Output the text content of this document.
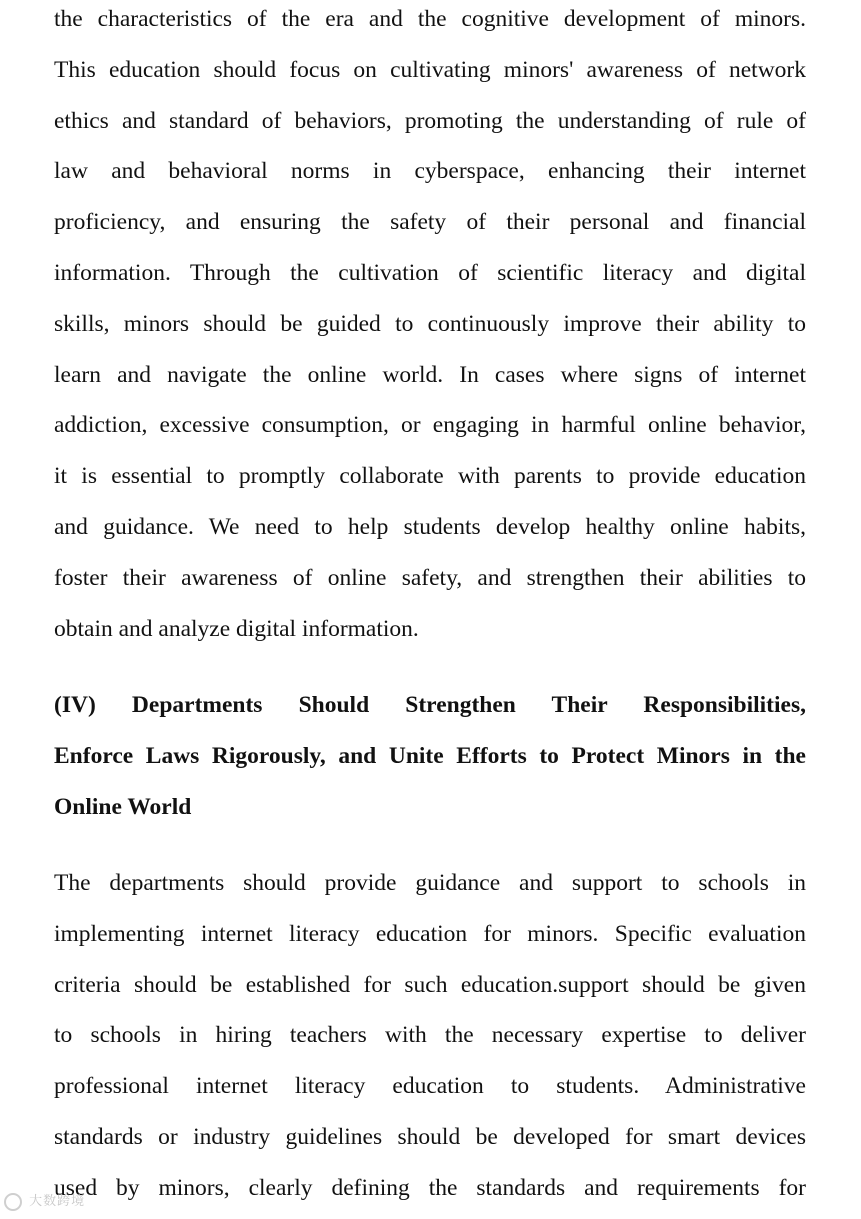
the characteristics of the era and the cognitive development of minors.
This education should focus on cultivating minors' awareness of network
ethics and standard of behaviors, promoting the understanding of rule of
law and behavioral norms in cyberspace, enhancing their internet
proficiency, and ensuring the safety of their personal and financial
information. Through the cultivation of scientific literacy and digital
skills, minors should be guided to continuously improve their ability to
learn and navigate the online world. In cases where signs of internet
addiction, excessive consumption, or engaging in harmful online behavior,
it is essential to promptly collaborate with parents to provide education
and guidance. We need to help students develop healthy online habits,
foster their awareness of online safety, and strengthen their abilities to
obtain and analyze digital information.
(IV) Departments Should Strengthen Their Responsibilities,
Enforce Laws Rigorously, and Unite Efforts to Protect Minors in the
Online World
The departments should provide guidance and support to schools in
implementing internet literacy education for minors. Specific evaluation
criteria should be established for such education.support should be given
to schools in hiring teachers with the necessary expertise to deliver
professional internet literacy education to students. Administrative
standards or industry guidelines should be developed for smart devices
used by minors, clearly defining the standards and requirements for
大数跨境
